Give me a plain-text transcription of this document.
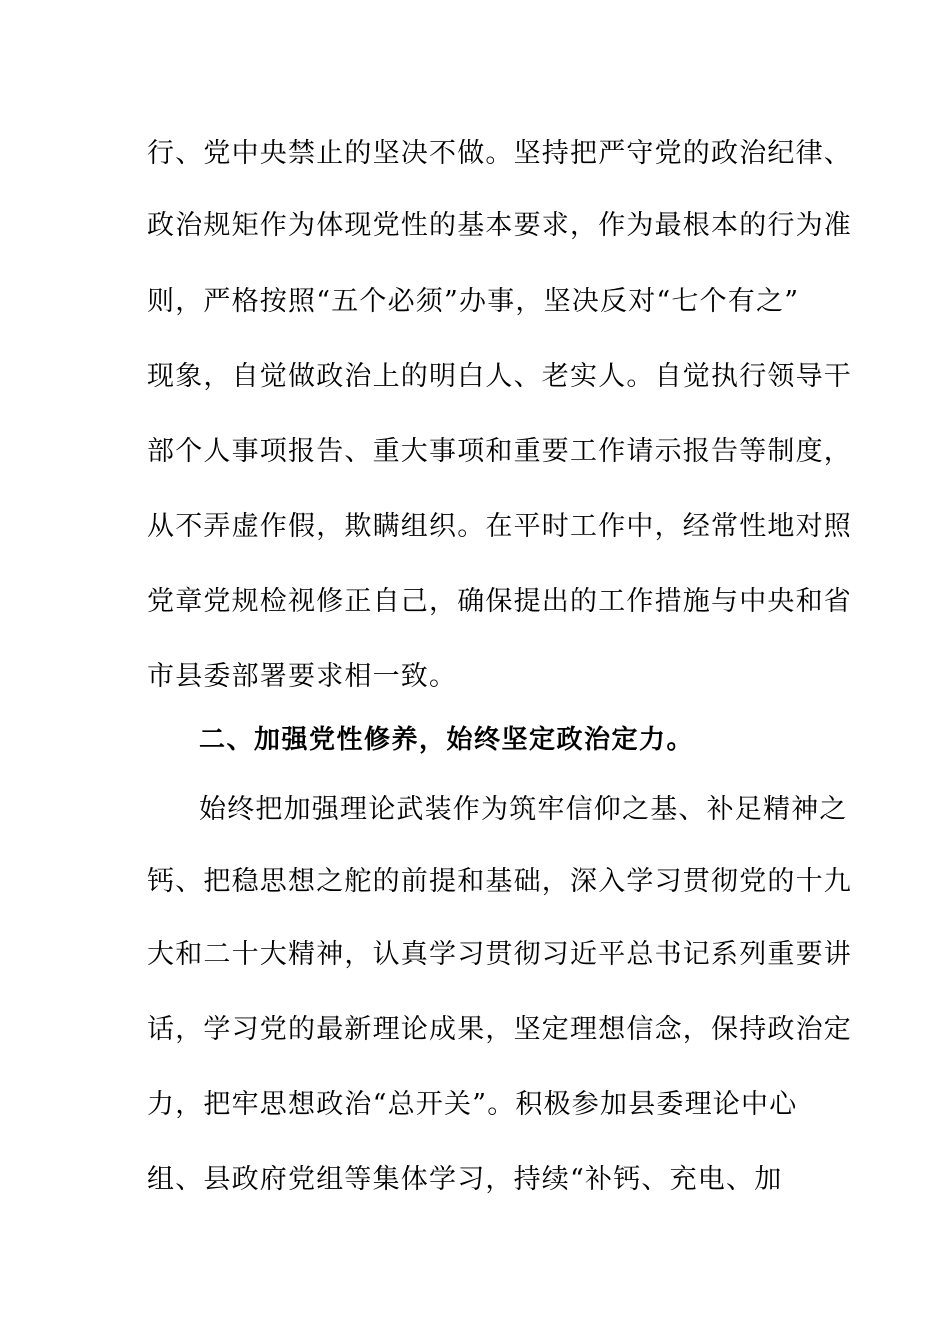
行、党中央禁止的坚决不做。坚持把严守党的政治纪律、
政治规矩作为体现党性的基本要求，作为最根本的行为准
则，严格按照“五个必须”办事，坚决反对“七个有之”
现象，自觉做政治上的明白人、老实人。自觉执行领导干
部个人事项报告、重大事项和重要工作请示报告等制度，
从不弄虚作假，欺瞒组织。在平时工作中，经常性地对照
党章党规检视修正自己，确保提出的工作措施与中央和省
市县委部署要求相一致。
二、加强党性修养，始终坚定政治定力。
始终把加强理论武装作为筑牢信仰之基、补足精神之
钙、把稳思想之舵的前提和基础，深入学习贯彻党的十九
大和二十大精神，认真学习贯彻习近平总书记系列重要讲
话，学习党的最新理论成果，坚定理想信念，保持政治定
力，把牢思想政治“总开关”。积极参加县委理论中心
组、县政府党组等集体学习，持续“补钙、充电、加
